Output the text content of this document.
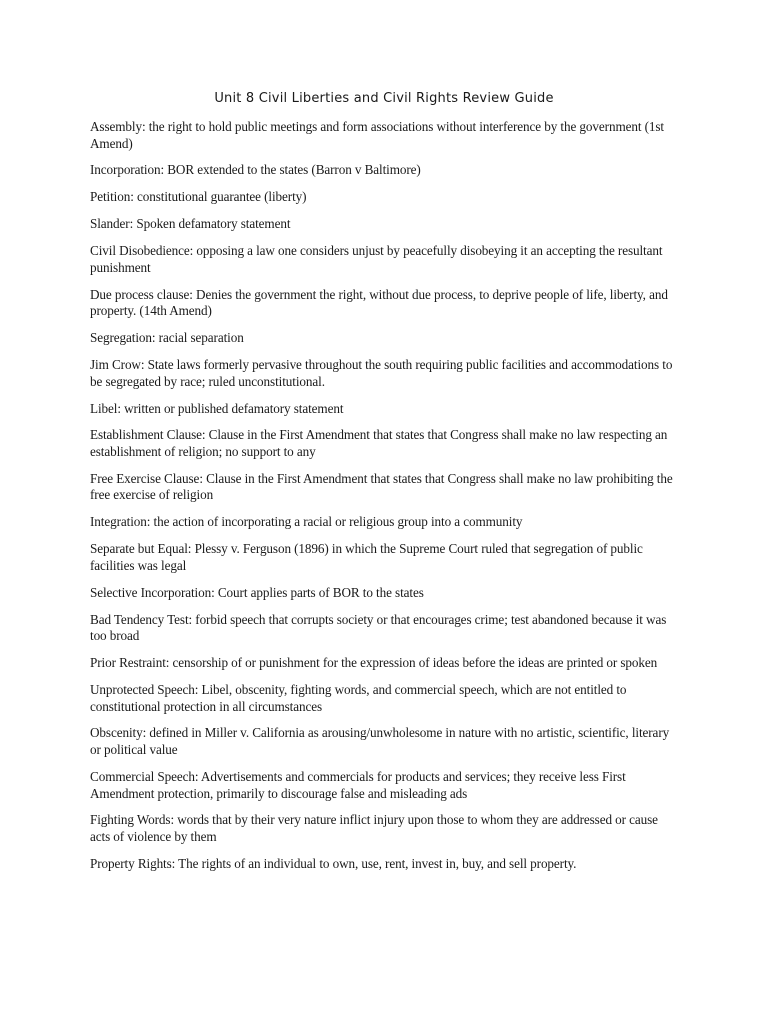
Unit 8 Civil Liberties and Civil Rights Review Guide
Assembly: the right to hold public meetings and form associations without interference by the government (1st Amend)
Incorporation: BOR extended to the states (Barron v Baltimore)
Petition: constitutional guarantee (liberty)
Slander: Spoken defamatory statement
Civil Disobedience: opposing a law one considers unjust by peacefully disobeying it an accepting the resultant punishment
Due process clause: Denies the government the right, without due process, to deprive people of life, liberty, and property. (14th Amend)
Segregation: racial separation
Jim Crow: State laws formerly pervasive throughout the south requiring public facilities and accommodations to be segregated by race; ruled unconstitutional.
Libel: written or published defamatory statement
Establishment Clause: Clause in the First Amendment that states that Congress shall make no law respecting an establishment of religion; no support to any
Free Exercise Clause: Clause in the First Amendment that states that Congress shall make no law prohibiting the free exercise of religion
Integration: the action of incorporating a racial or religious group into a community
Separate but Equal: Plessy v. Ferguson (1896) in which the Supreme Court ruled that segregation of public facilities was legal
Selective Incorporation: Court applies parts of BOR to the states
Bad Tendency Test: forbid speech that corrupts society or that encourages crime; test abandoned because it was too broad
Prior Restraint: censorship of or punishment for the expression of ideas before the ideas are printed or spoken
Unprotected Speech: Libel, obscenity, fighting words, and commercial speech, which are not entitled to constitutional protection in all circumstances
Obscenity: defined in Miller v. California as arousing/unwholesome in nature with no artistic, scientific, literary or political value
Commercial Speech: Advertisements and commercials for products and services; they receive less First Amendment protection, primarily to discourage false and misleading ads
Fighting Words: words that by their very nature inflict injury upon those to whom they are addressed or cause acts of violence by them
Property Rights: The rights of an individual to own, use, rent, invest in, buy, and sell property.
